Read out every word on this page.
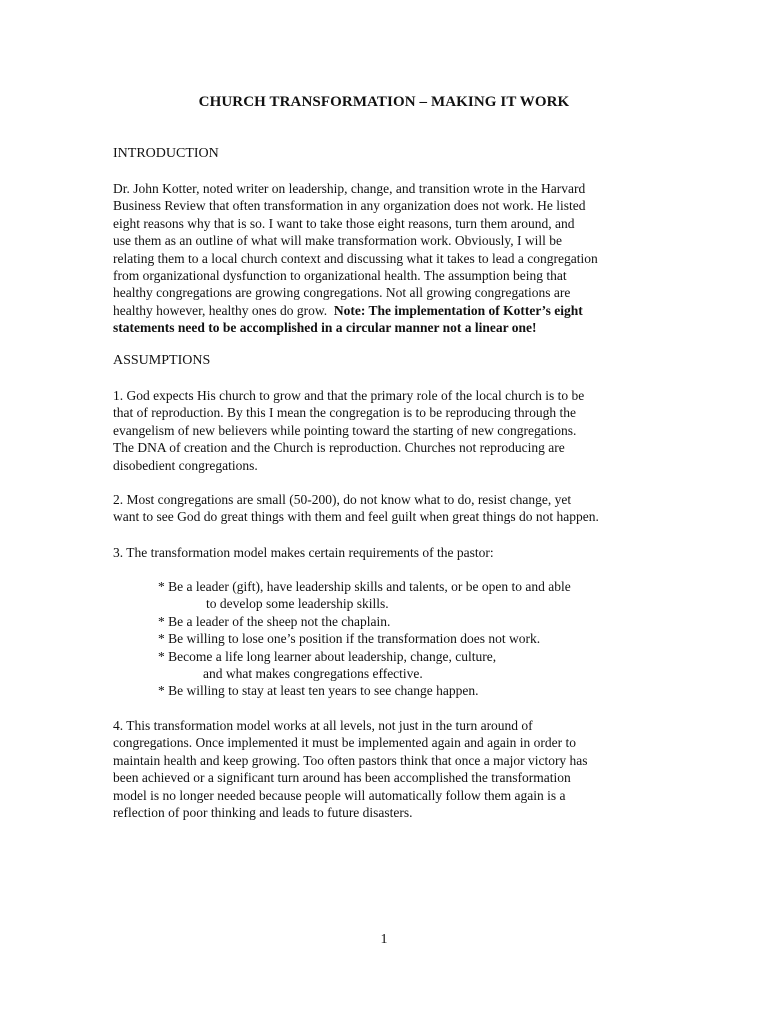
CHURCH TRANSFORMATION – MAKING IT WORK
INTRODUCTION
Dr. John Kotter, noted writer on leadership, change, and transition wrote in the Harvard
Business Review that often transformation in any organization does not work. He listed
eight reasons why that is so. I want to take those eight reasons, turn them around, and
use them as an outline of what will make transformation work. Obviously, I will be
relating them to a local church context and discussing what it takes to lead a congregation
from organizational dysfunction to organizational health. The assumption being that
healthy congregations are growing congregations. Not all growing congregations are
healthy however, healthy ones do grow.  Note: The implementation of Kotter’s eight
statements need to be accomplished in a circular manner not a linear one!
ASSUMPTIONS
1. God expects His church to grow and that the primary role of the local church is to be
that of reproduction. By this I mean the congregation is to be reproducing through the
evangelism of new believers while pointing toward the starting of new congregations.
The DNA of creation and the Church is reproduction. Churches not reproducing are
disobedient congregations.
2. Most congregations are small (50-200), do not know what to do, resist change, yet
want to see God do great things with them and feel guilt when great things do not happen.
3. The transformation model makes certain requirements of the pastor:
* Be a leader (gift), have leadership skills and talents, or be open to and able
to develop some leadership skills.
* Be a leader of the sheep not the chaplain.
* Be willing to lose one’s position if the transformation does not work.
* Become a life long learner about leadership, change, culture,
and what makes congregations effective.
* Be willing to stay at least ten years to see change happen.
4. This transformation model works at all levels, not just in the turn around of
congregations. Once implemented it must be implemented again and again in order to
maintain health and keep growing. Too often pastors think that once a major victory has
been achieved or a significant turn around has been accomplished the transformation
model is no longer needed because people will automatically follow them again is a
reflection of poor thinking and leads to future disasters.
1
